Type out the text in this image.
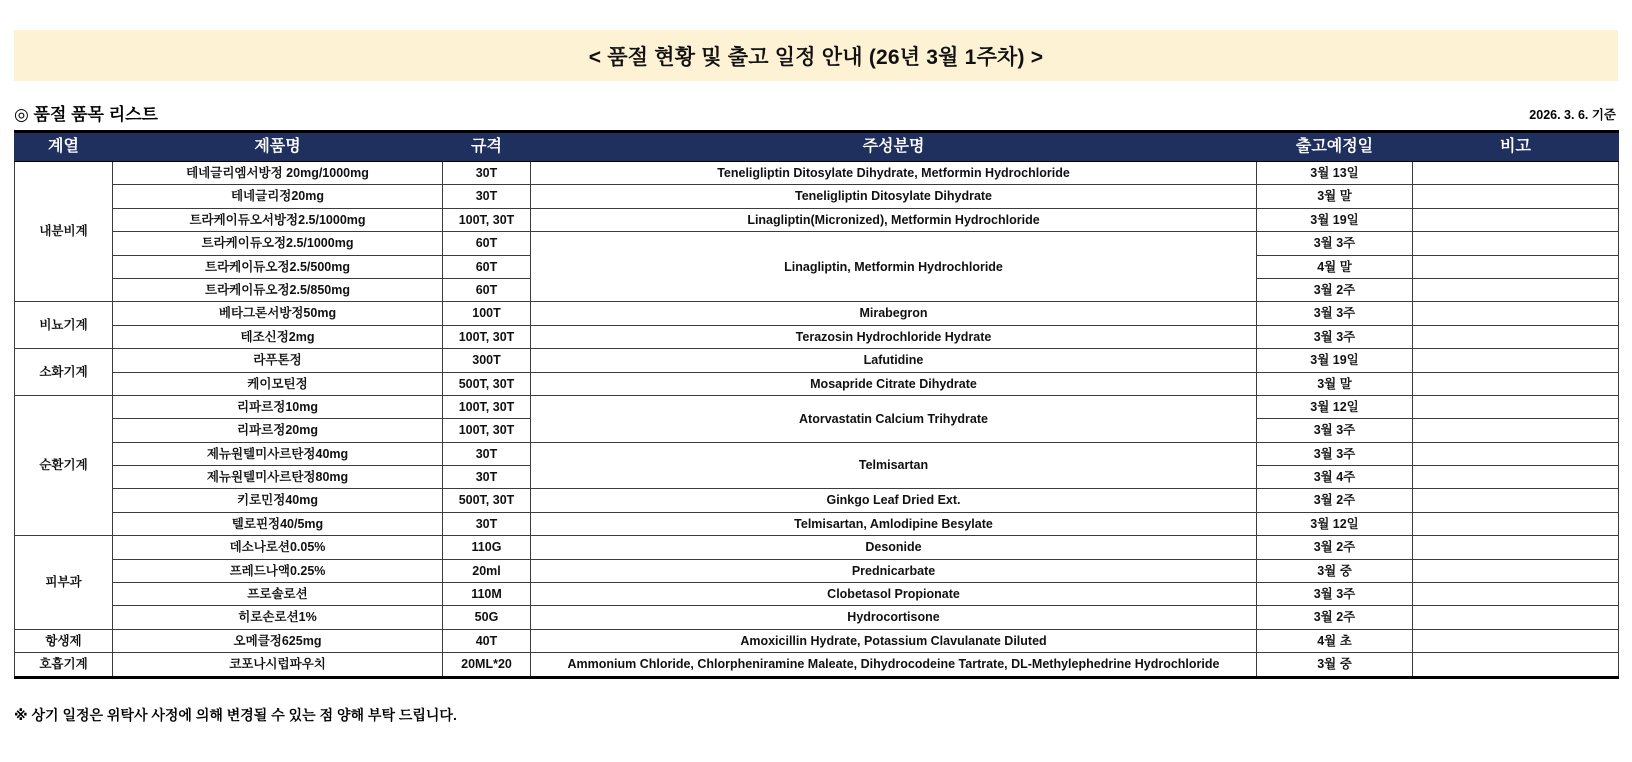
< 품절 현황 및 출고 일정 안내 (26년 3월 1주차) >
◎ 품절 품목 리스트	2026. 3. 6. 기준
계열	제품명	규격	주성분명	출고예정일	비고
내분비계	테네글리엠서방정 20mg/1000mg	30T	Teneligliptin Ditosylate Dihydrate, Metformin Hydrochloride	3월 13일	
	테네글리정20mg	30T	Teneligliptin Ditosylate Dihydrate	3월 말	
	트라케이듀오서방정2.5/1000mg	100T, 30T	Linagliptin(Micronized), Metformin Hydrochloride	3월 19일	
	트라케이듀오정2.5/1000mg	60T	Linagliptin, Metformin Hydrochloride	3월 3주	
	트라케이듀오정2.5/500mg	60T		4월 말	
	트라케이듀오정2.5/850mg	60T		3월 2주	
비뇨기계	베타그론서방정50mg	100T	Mirabegron	3월 3주	
	테조신정2mg	100T, 30T	Terazosin Hydrochloride Hydrate	3월 3주	
소화기계	라푸톤정	300T	Lafutidine	3월 19일	
	케이모틴정	500T, 30T	Mosapride Citrate Dihydrate	3월 말	
순환기계	리파르정10mg	100T, 30T	Atorvastatin Calcium Trihydrate	3월 12일	
	리파르정20mg	100T, 30T		3월 3주	
	제뉴원텔미사르탄정40mg	30T	Telmisartan	3월 3주	
	제뉴원텔미사르탄정80mg	30T		3월 4주	
	키로민정40mg	500T, 30T	Ginkgo Leaf Dried Ext.	3월 2주	
	텔로핀정40/5mg	30T	Telmisartan, Amlodipine Besylate	3월 12일	
피부과	데소나로션0.05%	110G	Desonide	3월 2주	
	프레드나액0.25%	20ml	Prednicarbate	3월 중	
	프로솔로션	110M	Clobetasol Propionate	3월 3주	
	히로손로션1%	50G	Hydrocortisone	3월 2주	
항생제	오메클정625mg	40T	Amoxicillin Hydrate, Potassium Clavulanate Diluted	4월 초	
호흡기계	코포나시럽파우치	20ML*20	Ammonium Chloride, Chlorpheniramine Maleate, Dihydrocodeine Tartrate, DL-Methylephedrine Hydrochloride	3월 중	
※ 상기 일정은 위탁사 사정에 의해 변경될 수 있는 점 양해 부탁 드립니다.
